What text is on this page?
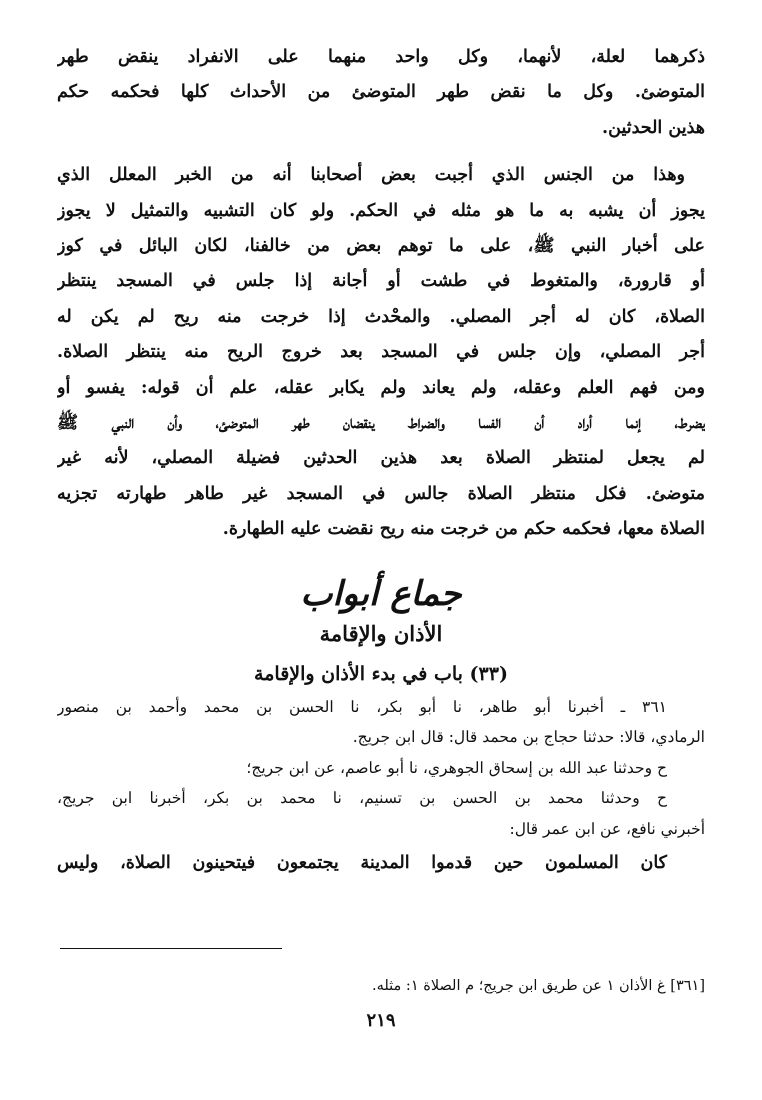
ذكرهما لعلة، لأنهما، وكل واحد منهما على الانفراد ينقض طهر

المتوضئ. وكل ما نقض طهر المتوضئ من الأحداث كلها فحكمه حكم

هذين الحدثين.

وهذا من الجنس الذي أجبت بعض أصحابنا أنه من الخبر المعلل الذي

يجوز أن يشبه به ما هو مثله في الحكم. ولو كان التشبيه والتمثيل لا يجوز

على أخبار النبي ﷺ، على ما توهم بعض من خالفنا، لكان البائل في كوز

أو قارورة، والمتغوط في طشت أو أجانة إذا جلس في المسجد ينتظر

الصلاة، كان له أجر المصلي. والمحْدث إذا خرجت منه ريح لم يكن له

أجر المصلي، وإن جلس في المسجد بعد خروج الريح منه ينتظر الصلاة.

ومن فهم العلم وعقله، ولم يعاند ولم يكابر عقله، علم أن قوله: يفسو أو

يضرط، إنما أراد أن الفسا والضراط ينقضان طهر المتوضئ، وأن النبي ﷺ

لم يجعل لمنتظر الصلاة بعد هذين الحدثين فضيلة المصلي، لأنه غير

متوضئ. فكل منتظر الصلاة جالس في المسجد غير طاهر طهارته تجزيه

الصلاة معها، فحكمه حكم من خرجت منه ريح نقضت عليه الطهارة.

جماع أبواب
الأذان والإقامة
(٣٣) باب في بدء الأذان والإقامة

٣٦١ ـ أخبرنا أبو طاهر، نا أبو بكر، نا الحسن بن محمد وأحمد بن منصور

الرمادي، قالا: حدثنا حجاج بن محمد قال: قال ابن جريج.

ح وحدثنا عبد الله بن إسحاق الجوهري، نا أبو عاصم، عن ابن جريج؛

ح وحدثنا محمد بن الحسن بن تسنيم، نا محمد بن بكر، أخبرنا ابن جريج،

أخبرني نافع، عن ابن عمر قال:

كان المسلمون حين قدموا المدينة يجتمعون فيتحينون الصلاة، وليس

[٣٦١] غ الأذان ١ عن طريق ابن جريج؛ م الصلاة ١: مثله.

٢١٩
